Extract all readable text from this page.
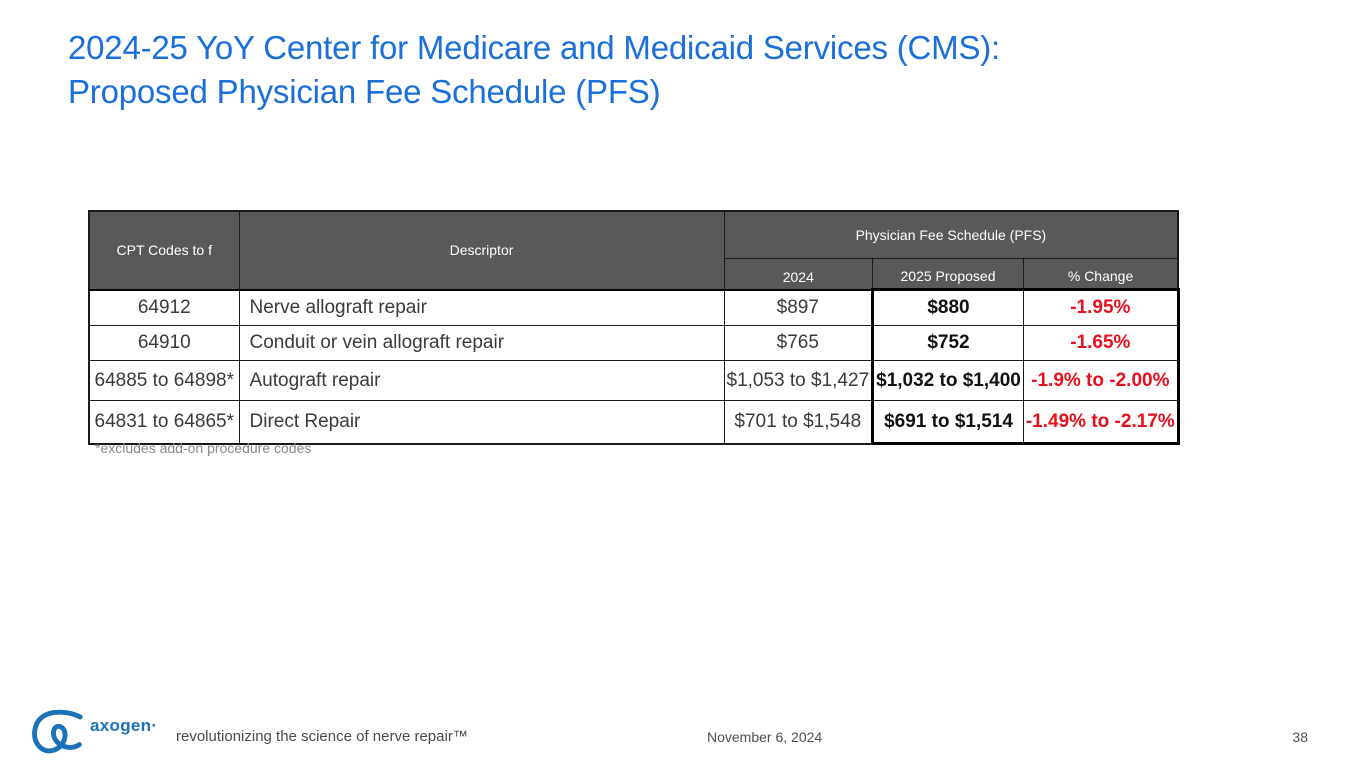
2024-25 YoY Center for Medicare and Medicaid Services (CMS):
Proposed Physician Fee Schedule (PFS)
CPT Codes to f	Descriptor	Physician Fee Schedule (PFS)		
		2024	2025 Proposed	% Change
64912	Nerve allograft repair	$897	$880	-1.95%
64910	Conduit or vein allograft repair	$765	$752	-1.65%
64885 to 64898*	Autograft repair	$1,053 to $1,427	$1,032 to $1,400	-1.9% to -2.00%
64831 to 64865*	Direct Repair	$701 to $1,548	$691 to $1,514	-1.49% to -2.17%
*excludes add-on procedure codes
axogen·
revolutionizing the science of nerve repair™	November 6, 2024	38
